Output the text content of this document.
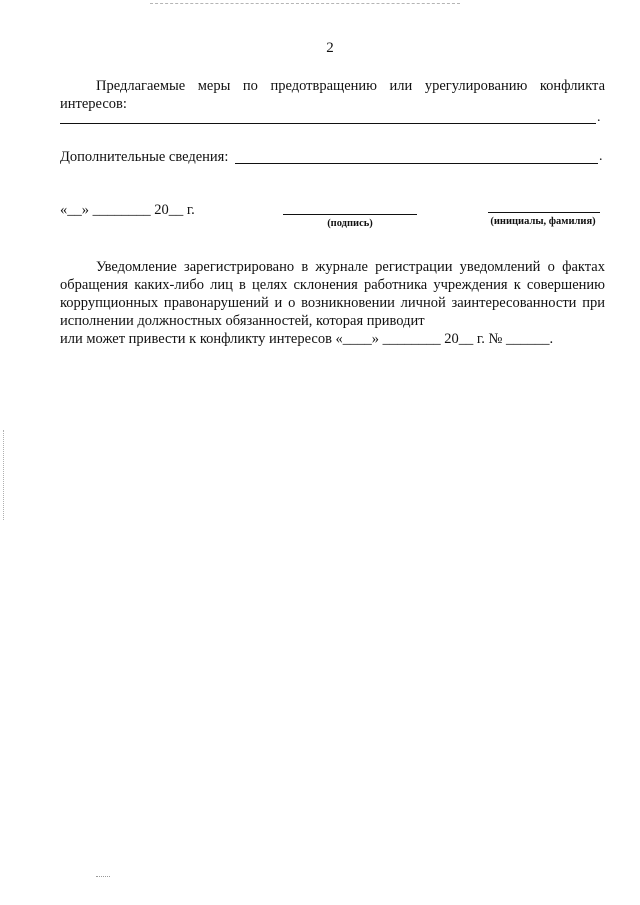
2
Предлагаемые меры по предотвращению или урегулированию конфликта интересов:
.
Дополнительные сведения:	.
«__» ________ 20__ г.
(подпись)	(инициалы, фамилия)
Уведомление зарегистрировано в журнале регистрации уведомлений о фактах обращения каких-либо лиц в целях склонения работника учреждения к совершению коррупционных правонарушений и о возникновении личной заинтересованности при исполнении должностных обязанностей, которая приводит
или может привести к конфликту интересов «____» ________ 20__ г. № ______.
